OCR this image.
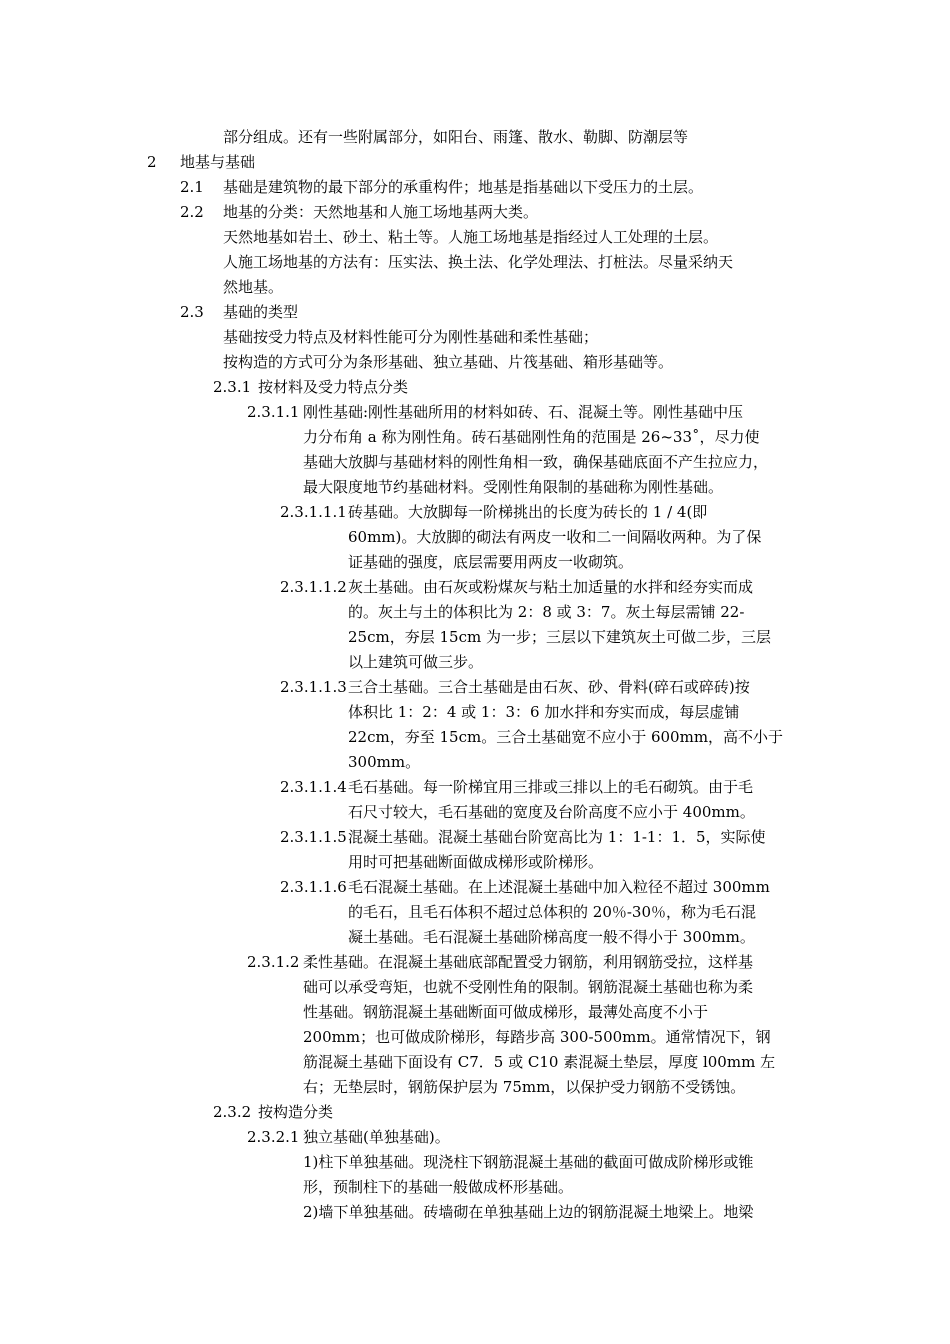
部分组成。还有一些附属部分，如阳台、雨篷、散水、勒脚、防潮层等
2 地基与基础
2.1 基础是建筑物的最下部分的承重构件；地基是指基础以下受压力的土层。
2.2 地基的分类：天然地基和人施工场地基两大类。
天然地基如岩土、砂土、粘土等。人施工场地基是指经过人工处理的土层。
人施工场地基的方法有：压实法、换土法、化学处理法、打桩法。尽量采纳天
然地基。
2.3 基础的类型
基础按受力特点及材料性能可分为刚性基础和柔性基础；
按构造的方式可分为条形基础、独立基础、片筏基础、箱形基础等。
2.3.1 按材料及受力特点分类
2.3.1.1 刚性基础:刚性基础所用的材料如砖、石、混凝土等。刚性基础中压
力分布角 a 称为刚性角。砖石基础刚性角的范围是 26~33˚，尽力使
基础大放脚与基础材料的刚性角相一致，确保基础底面不产生拉应力，
最大限度地节约基础材料。受刚性角限制的基础称为刚性基础。
2.3.1.1.1 砖基础。大放脚每一阶梯挑出的长度为砖长的 1 / 4(即
60mm)。大放脚的砌法有两皮一收和二一间隔收两种。为了保
证基础的强度，底层需要用两皮一收砌筑。
2.3.1.1.2 灰土基础。由石灰或粉煤灰与粘土加适量的水拌和经夯实而成
的。灰土与土的体积比为 2：8 或 3：7。灰土每层需铺 22-
25cm，夯层 15cm 为一步；三层以下建筑灰土可做二步，三层
以上建筑可做三步。
2.3.1.1.3 三合土基础。三合土基础是由石灰、砂、骨料(碎石或碎砖)按
体积比 1：2：4 或 1：3：6 加水拌和夯实而成，每层虚铺
22cm，夯至 15cm。三合土基础宽不应小于 600mm，高不小于
300mm。
2.3.1.1.4 毛石基础。每一阶梯宜用三排或三排以上的毛石砌筑。由于毛
石尺寸较大，毛石基础的宽度及台阶高度不应小于 400mm。
2.3.1.1.5 混凝土基础。混凝土基础台阶宽高比为 1：1-1：1．5，实际使
用时可把基础断面做成梯形或阶梯形。
2.3.1.1.6 毛石混凝土基础。在上述混凝土基础中加入粒径不超过 300mm
的毛石，且毛石体积不超过总体积的 20％-30％，称为毛石混
凝土基础。毛石混凝土基础阶梯高度一般不得小于 300mm。
2.3.1.2 柔性基础。在混凝土基础底部配置受力钢筋，利用钢筋受拉，这样基
础可以承受弯矩，也就不受刚性角的限制。钢筋混凝土基础也称为柔
性基础。钢筋混凝土基础断面可做成梯形，最薄处高度不小于
200mm；也可做成阶梯形，每踏步高 300-500mm。通常情况下，钢
筋混凝土基础下面设有 C7．5 或 C10 素混凝土垫层，厚度 l00mm 左
右；无垫层时，钢筋保护层为 75mm，以保护受力钢筋不受锈蚀。
2.3.2 按构造分类
2.3.2.1 独立基础(单独基础)。
1)柱下单独基础。现浇柱下钢筋混凝土基础的截面可做成阶梯形或锥
形，预制柱下的基础一般做成杯形基础。
2)墙下单独基础。砖墙砌在单独基础上边的钢筋混凝土地梁上。地梁
